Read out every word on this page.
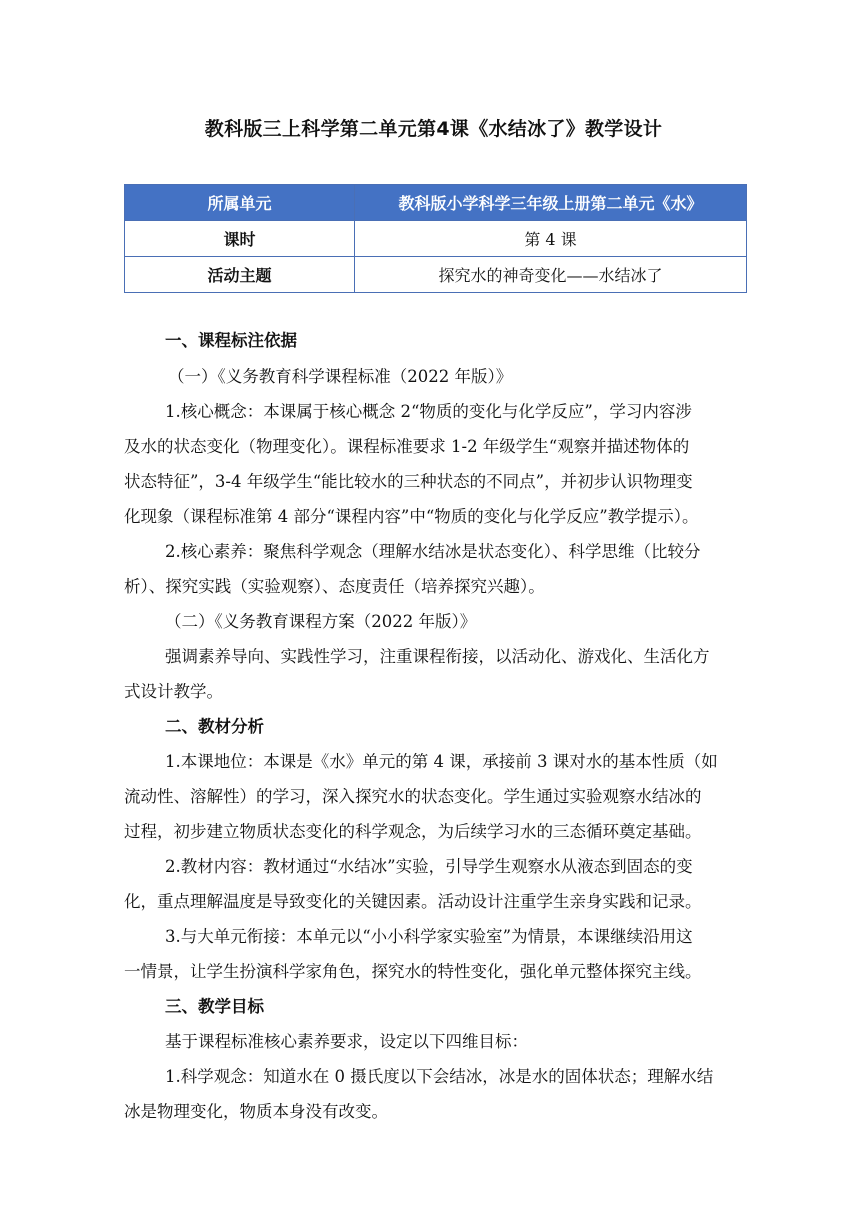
教科版三上科学第二单元第4课《水结冰了》教学设计
所属单元	教科版小学科学三年级上册第二单元《水》
课时	第 4 课
活动主题	探究水的神奇变化——水结冰了
一、课程标注依据
（一）《义务教育科学课程标准（2022 年版）》
1.核心概念：本课属于核心概念 2“物质的变化与化学反应”，学习内容涉
及水的状态变化（物理变化）。课程标准要求 1-2 年级学生“观察并描述物体的
状态特征”，3-4 年级学生“能比较水的三种状态的不同点”，并初步认识物理变
化现象（课程标准第 4 部分“课程内容”中“物质的变化与化学反应”教学提示）。
2.核心素养：聚焦科学观念（理解水结冰是状态变化）、科学思维（比较分
析）、探究实践（实验观察）、态度责任（培养探究兴趣）。
（二）《义务教育课程方案（2022 年版）》
强调素养导向、实践性学习，注重课程衔接，以活动化、游戏化、生活化方
式设计教学。
二、教材分析
1.本课地位：本课是《水》单元的第 4 课，承接前 3 课对水的基本性质（如
流动性、溶解性）的学习，深入探究水的状态变化。学生通过实验观察水结冰的
过程，初步建立物质状态变化的科学观念，为后续学习水的三态循环奠定基础。
2.教材内容：教材通过“水结冰”实验，引导学生观察水从液态到固态的变
化，重点理解温度是导致变化的关键因素。活动设计注重学生亲身实践和记录。
3.与大单元衔接：本单元以“小小科学家实验室”为情景，本课继续沿用这
一情景，让学生扮演科学家角色，探究水的特性变化，强化单元整体探究主线。
三、教学目标
基于课程标准核心素养要求，设定以下四维目标：
1.科学观念：知道水在 0 摄氏度以下会结冰，冰是水的固体状态；理解水结
冰是物理变化，物质本身没有改变。
